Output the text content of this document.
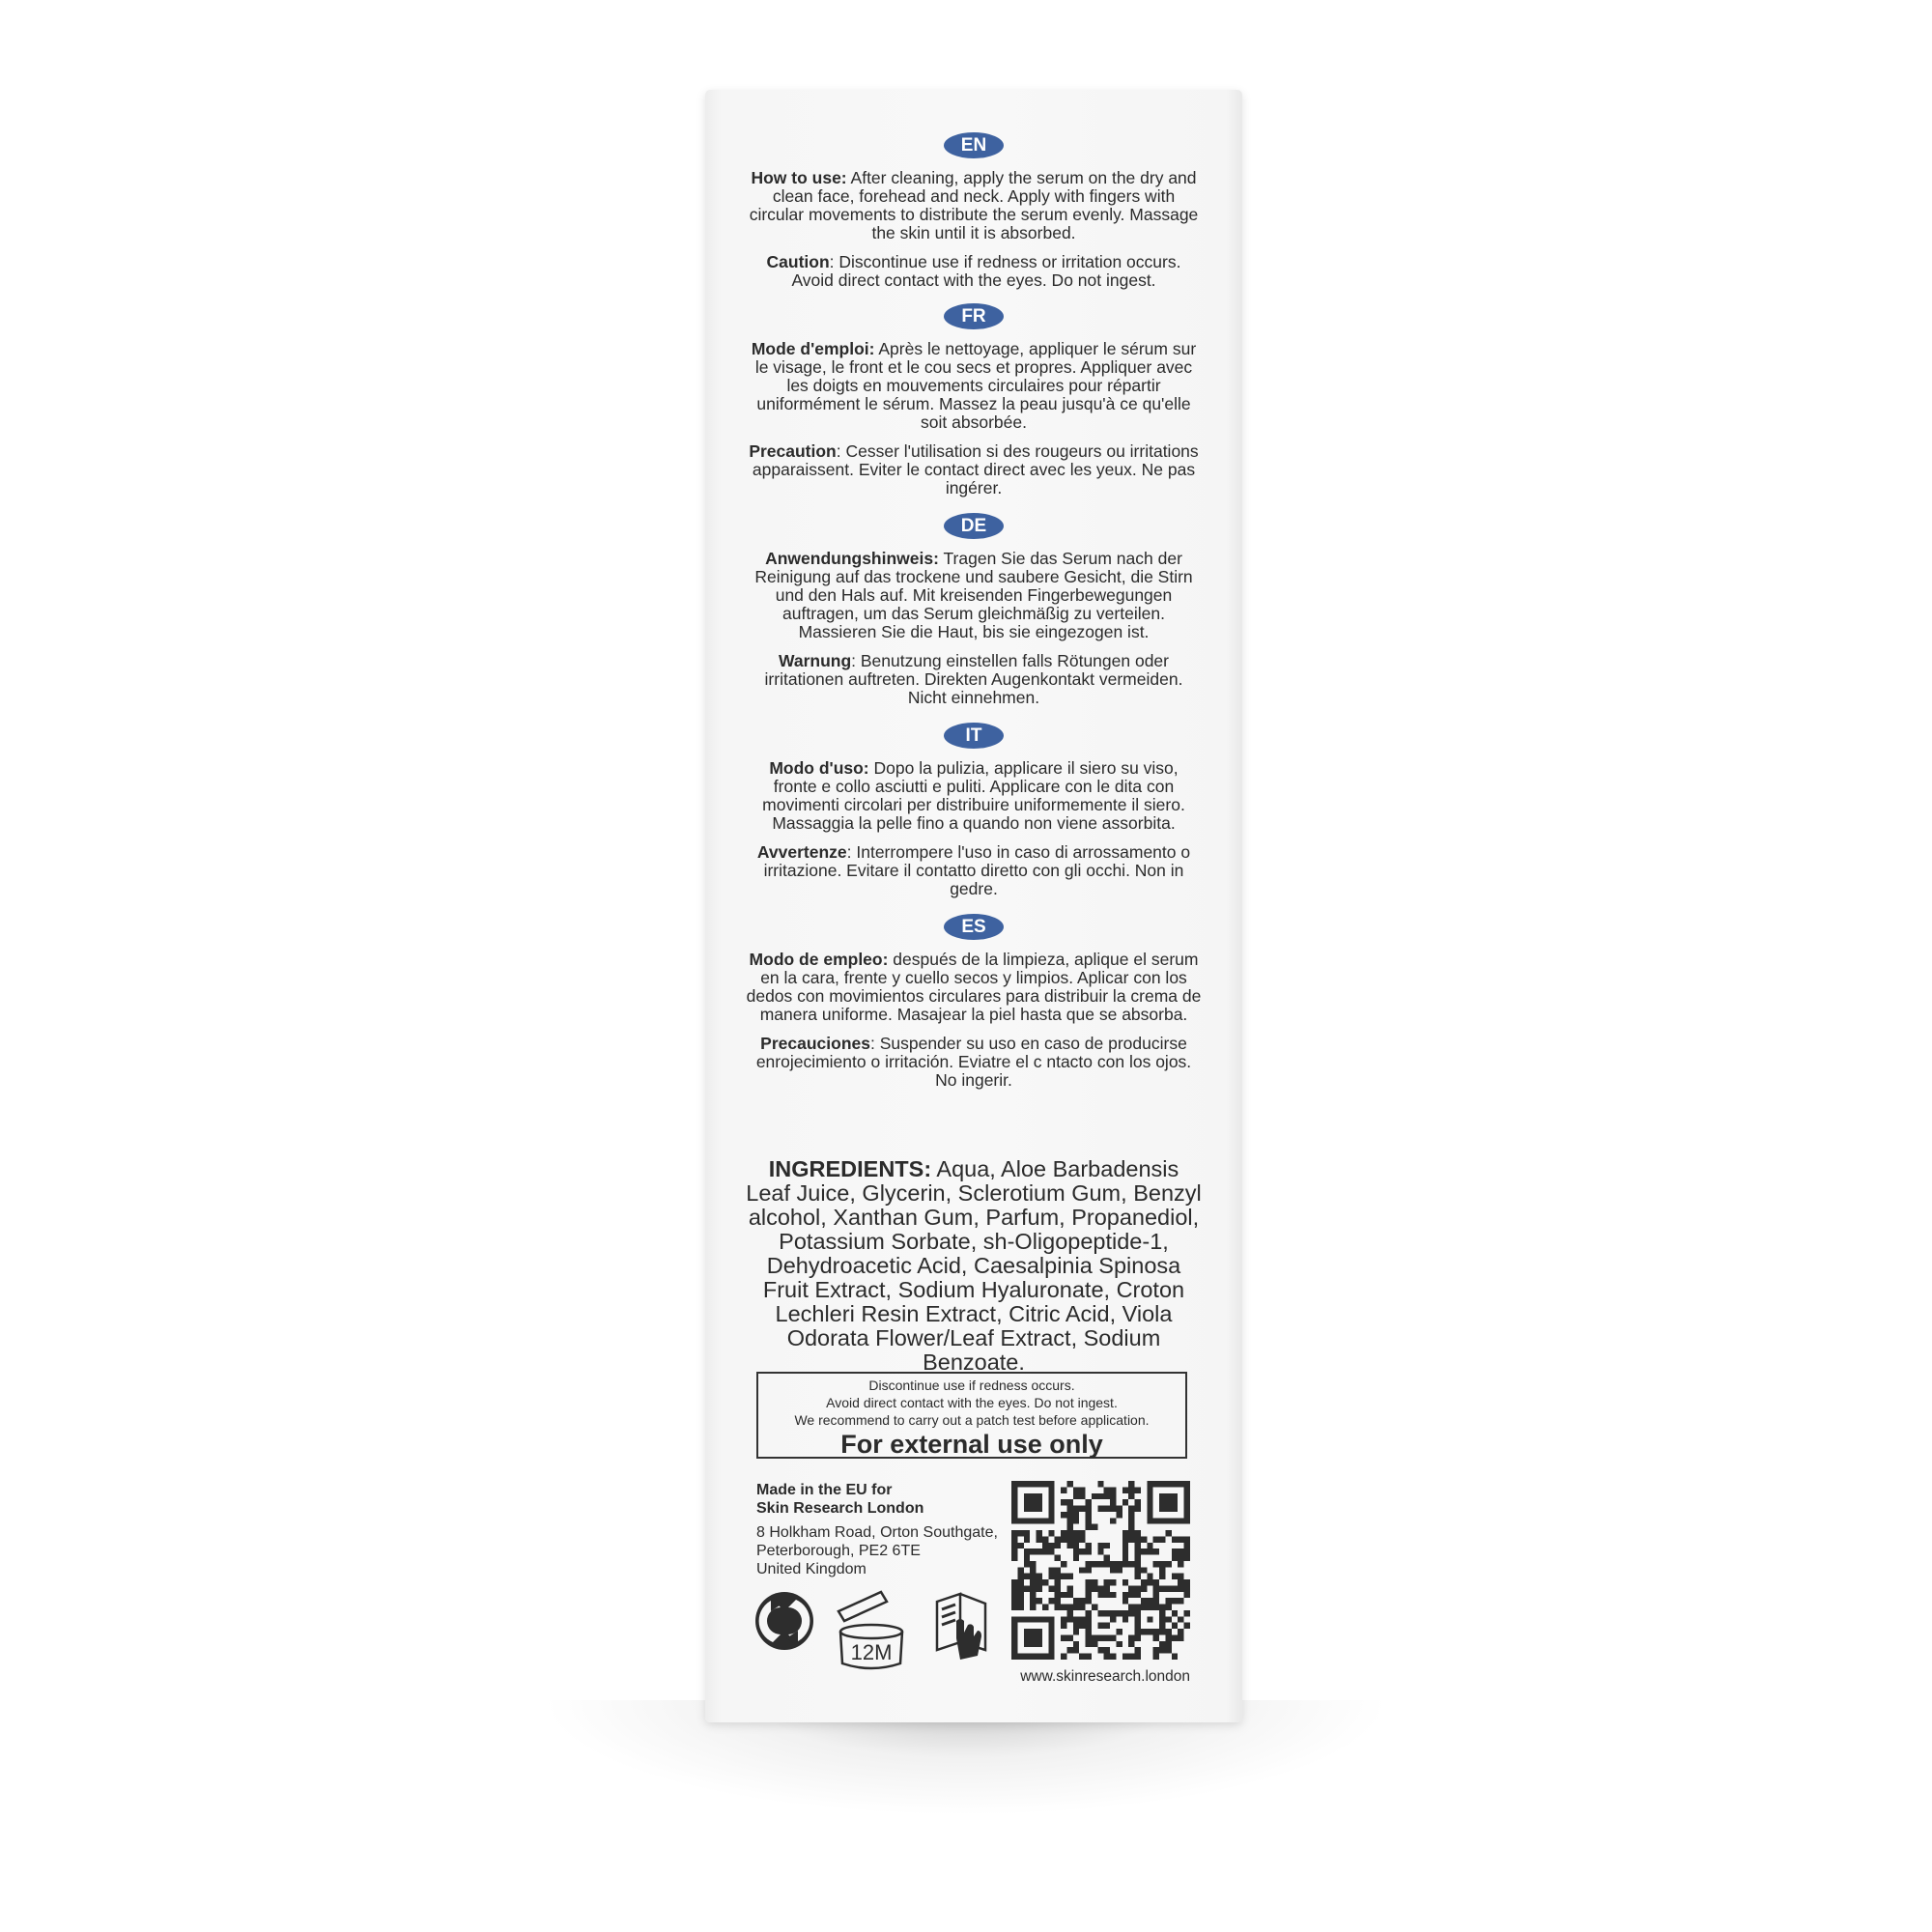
EN

How to use: After cleaning, apply the serum on the dry and clean face, forehead and neck. Apply with fingers with circular movements to distribute the serum evenly. Massage the skin until it is absorbed.

Caution: Discontinue use if redness or irritation occurs. Avoid direct contact with the eyes. Do not ingest.

FR

Mode d'emploi: Après le nettoyage, appliquer le sérum sur le visage, le front et le cou secs et propres. Appliquer avec les doigts en mouvements circulaires pour répartir uniformément le sérum. Massez la peau jusqu'à ce qu'elle soit absorbée.

Precaution: Cesser l'utilisation si des rougeurs ou irritations apparaissent. Eviter le contact direct avec les yeux. Ne pas ingérer.

DE

Anwendungshinweis: Tragen Sie das Serum nach der Reinigung auf das trockene und saubere Gesicht, die Stirn und den Hals auf. Mit kreisenden Fingerbewegungen auftragen, um das Serum gleichmäßig zu verteilen. Massieren Sie die Haut, bis sie eingezogen ist.

Warnung: Benutzung einstellen falls Rötungen oder irritationen auftreten. Direkten Augenkontakt vermeiden. Nicht einnehmen.

IT

Modo d'uso: Dopo la pulizia, applicare il siero su viso, fronte e collo asciutti e puliti. Applicare con le dita con movimenti circolari per distribuire uniformemente il siero. Massaggia la pelle fino a quando non viene assorbita.

Avvertenze: Interrompere l'uso in caso di arrossamento o irritazione. Evitare il contatto diretto con gli occhi. Non in gedre.

ES

Modo de empleo: después de la limpieza, aplique el serum en la cara, frente y cuello secos y limpios. Aplicar con los dedos con movimientos circulares para distribuir la crema de manera uniforme. Masajear la piel hasta que se absorba.

Precauciones: Suspender su uso en caso de producirse enrojecimiento o irritación. Eviatre el c ntacto con los ojos. No ingerir.

INGREDIENTS: Aqua, Aloe Barbadensis Leaf Juice, Glycerin, Sclerotium Gum, Benzyl alcohol, Xanthan Gum, Parfum, Propanediol, Potassium Sorbate, sh-Oligopeptide-1, Dehydroacetic Acid, Caesalpinia Spinosa Fruit Extract, Sodium Hyaluronate, Croton Lechleri Resin Extract, Citric Acid, Viola Odorata Flower/Leaf Extract, Sodium Benzoate.
Discontinue use if redness occurs.
Avoid direct contact with the eyes. Do not ingest.
We recommend to carry out a patch test before application.
For external use only
Made in the EU for
Skin Research London
8 Holkham Road, Orton Southgate,
Peterborough, PE2 6TE
United Kingdom
12M
www.skinresearch.london
